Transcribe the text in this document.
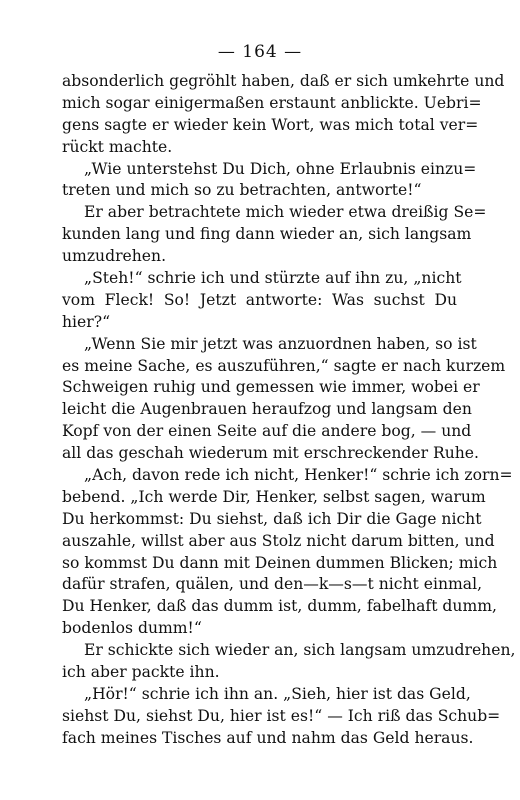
— 164 —
absonderlich gegröhlt haben, daß er sich umkehrte und
mich sogar einigermaßen erstaunt anblickte. Uebri=
gens sagte er wieder kein Wort, was mich total ver=
rückt machte.
„Wie unterstehst Du Dich, ohne Erlaubnis einzu=
treten und mich so zu betrachten, antworte!“
Er aber betrachtete mich wieder etwa dreißig Se=
kunden lang und fing dann wieder an, sich langsam
umzudrehen.
„Steh!“ schrie ich und stürzte auf ihn zu, „nicht
vom Fleck! So! Jetzt antworte: Was suchst Du
hier?“
„Wenn Sie mir jetzt was anzuordnen haben, so ist
es meine Sache, es auszuführen,“ sagte er nach kurzem
Schweigen ruhig und gemessen wie immer, wobei er
leicht die Augenbrauen heraufzog und langsam den
Kopf von der einen Seite auf die andere bog, — und
all das geschah wiederum mit erschreckender Ruhe.
„Ach, davon rede ich nicht, Henker!“ schrie ich zorn=
bebend. „Ich werde Dir, Henker, selbst sagen, warum
Du herkommst: Du siehst, daß ich Dir die Gage nicht
auszahle, willst aber aus Stolz nicht darum bitten, und
so kommst Du dann mit Deinen dummen Blicken; mich
dafür strafen, quälen, und den—k—s—t nicht einmal,
Du Henker, daß das dumm ist, dumm, fabelhaft dumm,
bodenlos dumm!“
Er schickte sich wieder an, sich langsam umzudrehen,
ich aber packte ihn.
„Hör!“ schrie ich ihn an. „Sieh, hier ist das Geld,
siehst Du, siehst Du, hier ist es!“ — Ich riß das Schub=
fach meines Tisches auf und nahm das Geld heraus.
